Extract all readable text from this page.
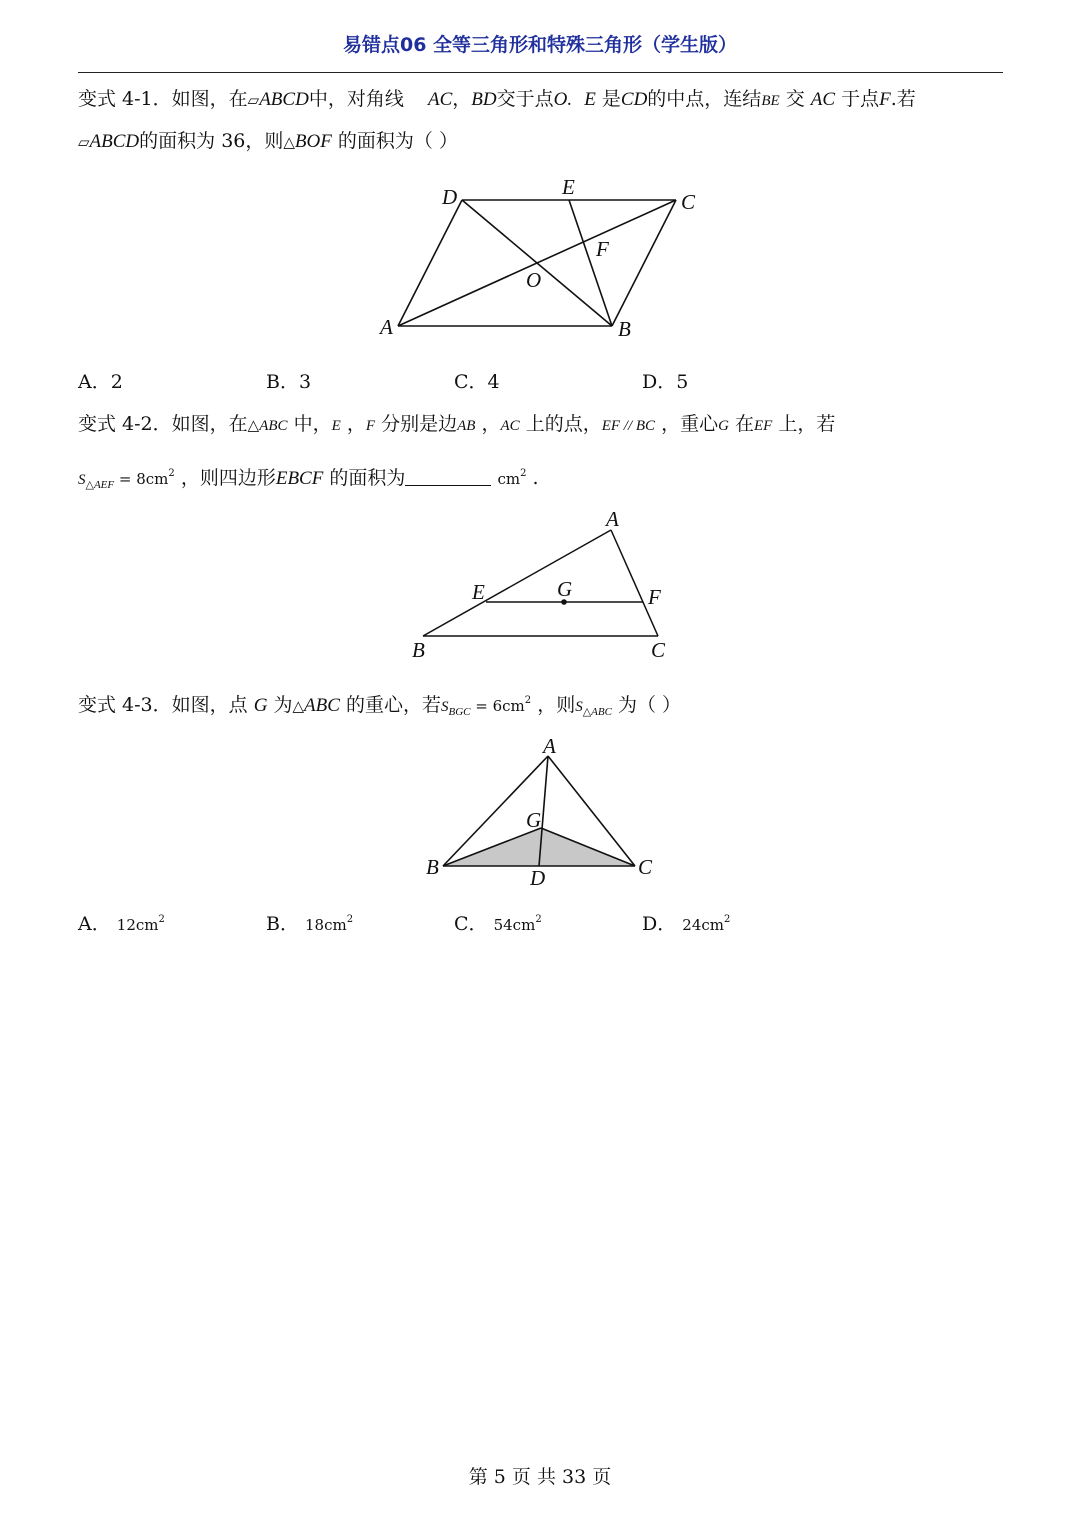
易错点06 全等三角形和特殊三角形（学生版）
变式 4-1．如图，在▱ABCD中，对角线 AC，BD交于点O. E 是CD的中点，连结BE 交 AC 于点F.若
▱ABCD的面积为 36，则△BOF 的面积为（ ）
D	E
C
F
O
A	B
A．2	B．3	C．4	D．5
变式 4-2．如图，在△ABC 中，E ，F 分别是边AB ，AC 上的点，EF // BC ，重心G 在EF 上，若
$S_{\triangle AEF} = 8cm^2$ ，则四边形EBCF 的面积为	$cm^2$ .
A
E	G	F
B	C
变式 4-3．如图，点 G 为△ABC 的重心，若$S_{BGC} = 6cm^2$ ，则$S_{\triangle ABC}$ 为（ ）
A
G
B	D	C
A． $12cm^2$	B． $18cm^2$	C． $54cm^2$	D． $24cm^2$
第 5 页 共 33 页
